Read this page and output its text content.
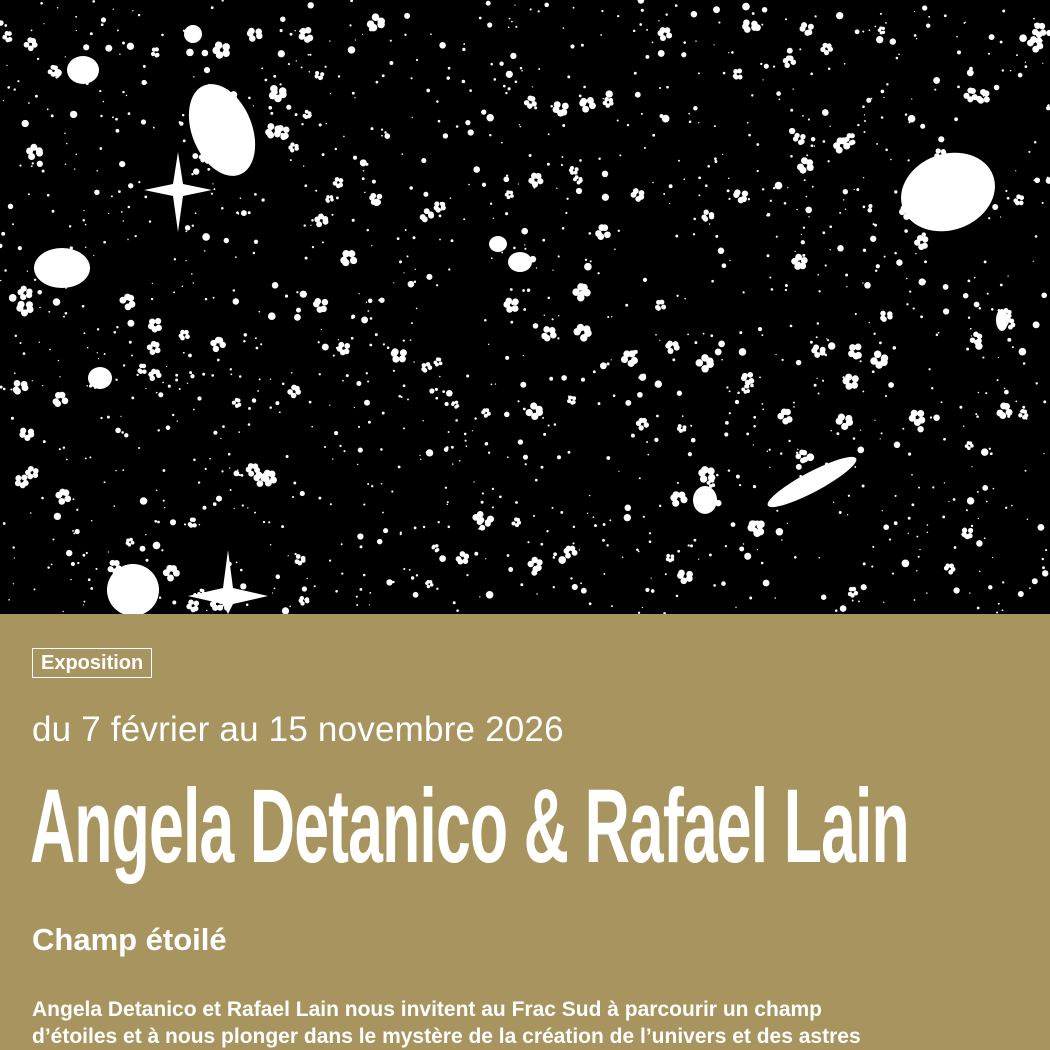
Exposition
du 7 février au 15 novembre 2026
Angela Detanico & Rafael Lain
Champ étoilé

Angela Detanico et Rafael Lain nous invitent au Frac Sud à parcourir un champ

d’étoiles et à nous plonger dans le mystère de la création de l’univers et des astres
